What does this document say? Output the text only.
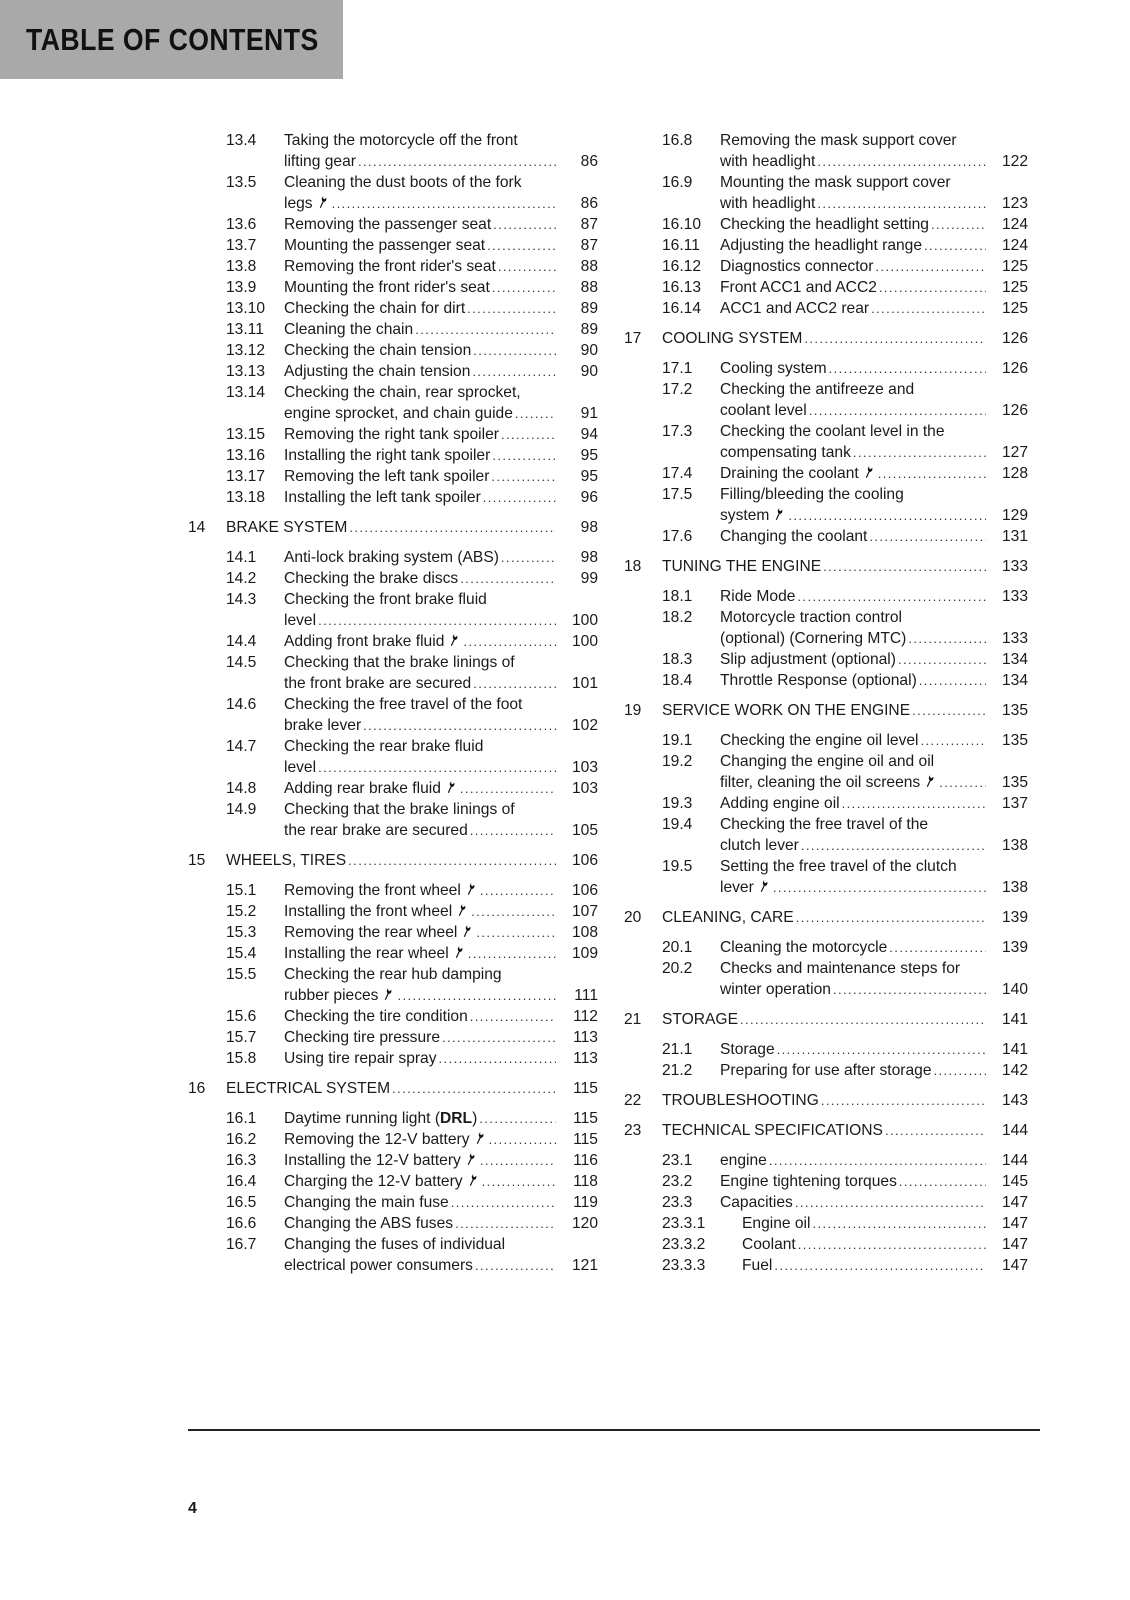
TABLE OF CONTENTS
13.4 Taking the motorcycle off the front
lifting gear .....	86
13.5 Cleaning the dust boots of the fork
legs .....	86
13.6 Removing the passenger seat .....	87
13.7 Mounting the passenger seat .....	87
13.8 Removing the front rider's seat .....	88
13.9 Mounting the front rider's seat .....	88
13.10 Checking the chain for dirt .....	89
13.11 Cleaning the chain .....	89
13.12 Checking the chain tension .....	90
13.13 Adjusting the chain tension .....	90
13.14 Checking the chain, rear sprocket,
engine sprocket, and chain guide .....	91
13.15 Removing the right tank spoiler .....	94
13.16 Installing the right tank spoiler .....	95
13.17 Removing the left tank spoiler .....	95
13.18 Installing the left tank spoiler .....	96
14 BRAKE SYSTEM .....	98
14.1 Anti-lock braking system (ABS) .....	98
14.2 Checking the brake discs .....	99
14.3 Checking the front brake fluid
level .....	100
14.4 Adding front brake fluid .....	100
14.5 Checking that the brake linings of
the front brake are secured .....	101
14.6 Checking the free travel of the foot
brake lever .....	102
14.7 Checking the rear brake fluid
level .....	103
14.8 Adding rear brake fluid .....	103
14.9 Checking that the brake linings of
the rear brake are secured .....	105
15 WHEELS, TIRES .....	106
15.1 Removing the front wheel .....	106
15.2 Installing the front wheel .....	107
15.3 Removing the rear wheel .....	108
15.4 Installing the rear wheel .....	109
15.5 Checking the rear hub damping
rubber pieces .....	111
15.6 Checking the tire condition .....	112
15.7 Checking tire pressure .....	113
15.8 Using tire repair spray .....	113
16 ELECTRICAL SYSTEM .....	115
16.1 Daytime running light ( DRL ) .....	115
16.2 Removing the 12-V battery .....	115
16.3 Installing the 12-V battery .....	116
16.4 Charging the 12-V battery .....	118
16.5 Changing the main fuse .....	119
16.6 Changing the ABS fuses .....	120
16.7 Changing the fuses of individual
electrical power consumers .....	121
16.8 Removing the mask support cover
with headlight .....	122
16.9 Mounting the mask support cover
with headlight .....	123
16.10 Checking the headlight setting .....	124
16.11 Adjusting the headlight range .....	124
16.12 Diagnostics connector .....	125
16.13 Front ACC1 and ACC2 .....	125
16.14 ACC1 and ACC2 rear .....	125
17 COOLING SYSTEM .....	126
17.1 Cooling system .....	126
17.2 Checking the antifreeze and
coolant level .....	126
17.3 Checking the coolant level in the
compensating tank .....	127
17.4 Draining the coolant .....	128
17.5 Filling/bleeding the cooling
system .....	129
17.6 Changing the coolant .....	131
18 TUNING THE ENGINE .....	133
18.1 Ride Mode .....	133
18.2 Motorcycle traction control
(optional) (Cornering MTC) .....	133
18.3 Slip adjustment (optional) .....	134
18.4 Throttle Response (optional) .....	134
19 SERVICE WORK ON THE ENGINE .....	135
19.1 Checking the engine oil level .....	135
19.2 Changing the engine oil and oil
filter, cleaning the oil screens .....	135
19.3 Adding engine oil .....	137
19.4 Checking the free travel of the
clutch lever .....	138
19.5 Setting the free travel of the clutch
lever .....	138
20 CLEANING, CARE .....	139
20.1 Cleaning the motorcycle .....	139
20.2 Checks and maintenance steps for
winter operation .....	140
21 STORAGE .....	141
21.1 Storage .....	141
21.2 Preparing for use after storage .....	142
22 TROUBLESHOOTING .....	143
23 TECHNICAL SPECIFICATIONS .....	144
23.1 engine .....	144
23.2 Engine tightening torques .....	145
23.3 Capacities .....	147
23.3.1 Engine oil .....	147
23.3.2 Coolant .....	147
23.3.3 Fuel .....	147
4
